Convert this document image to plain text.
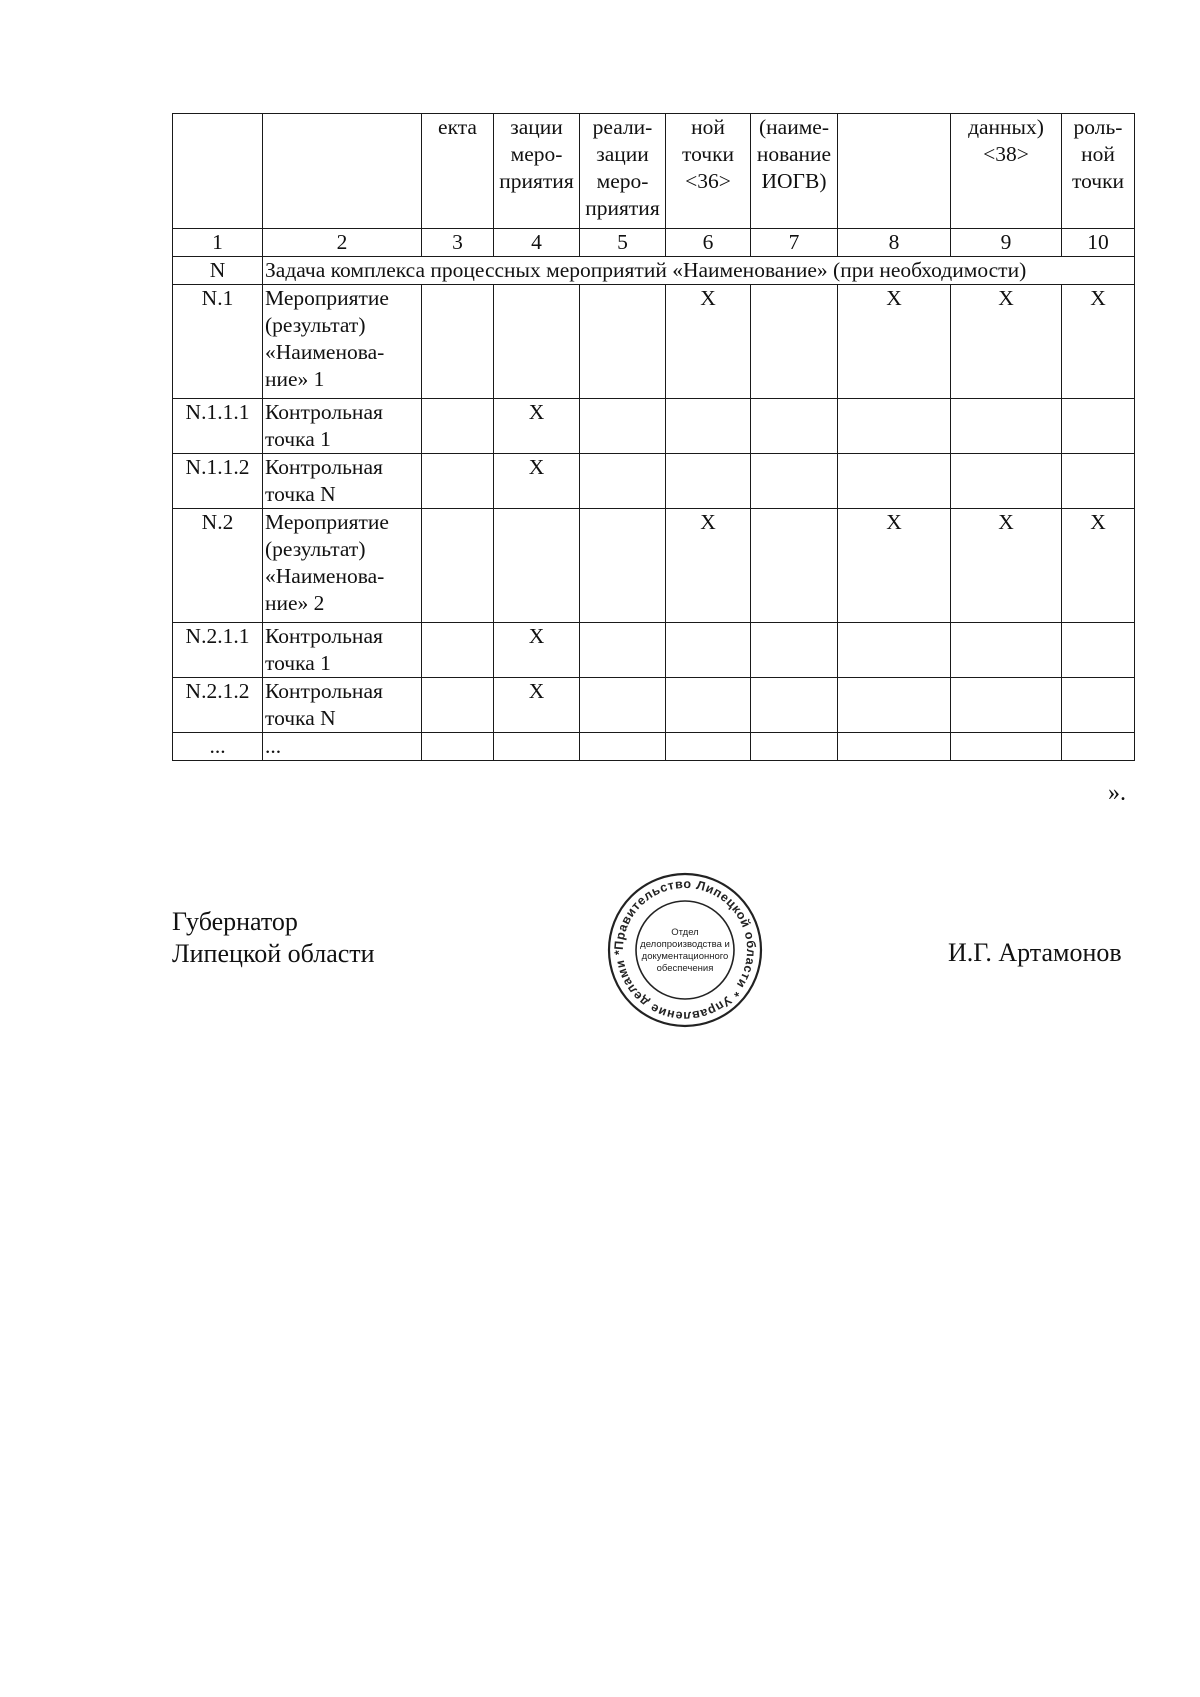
		екта	зации меро-приятия	реали-зации меро-приятия	ной точки <36>	(наиме-нование ИОГВ)		данных) <38>	роль-ной точки
1	2	3	4	5	6	7	8	9	10
N	Задача комплекса процессных мероприятий «Наименование» (при необходимости)								
N.1	Мероприятие (результат) «Наименова-ние» 1				X		X	X	X
N.1.1.1	Контрольная точка 1		X						
N.1.1.2	Контрольная точка N		X						
N.2	Мероприятие (результат) «Наименова-ние» 2				X		X	X	X
N.2.1.1	Контрольная точка 1		X						
N.2.1.2	Контрольная точка N		X						
...	...								
».
Губернатор
Липецкой области	И.Г. Артамонов
Правительство Липецкой области * Управление делами *
Отдел
делопроизводства и
документационного
обеспечения
